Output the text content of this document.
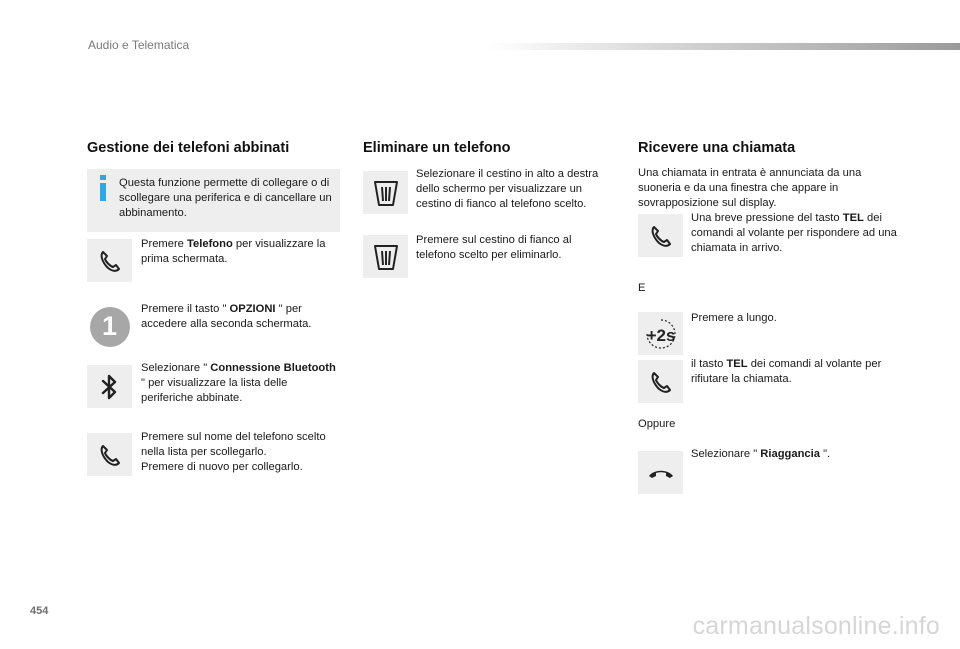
Audio e Telematica
Gestione dei telefoni abbinati
Questa funzione permette di collegare o di scollegare una periferica e di cancellare un abbinamento.
Premere Telefono per visualizzare la prima schermata.
1
Premere il tasto " OPZIONI " per accedere alla seconda schermata.
Selezionare " Connessione Bluetooth " per visualizzare la lista delle periferiche abbinate.
Premere sul nome del telefono scelto nella lista per scollegarlo.
Premere di nuovo per collegarlo.
Eliminare un telefono
Selezionare il cestino in alto a destra dello schermo per visualizzare un cestino di fianco al telefono scelto.
Premere sul cestino di fianco al telefono scelto per eliminarlo.
Ricevere una chiamata
Una chiamata in entrata è annunciata da una suoneria e da una finestra che appare in sovrapposizione sul display.
Una breve pressione del tasto TEL dei comandi al volante per rispondere ad una chiamata in arrivo.
E
+2s
Premere a lungo.
il tasto TEL dei comandi al volante per rifiutare la chiamata.
Oppure
Selezionare " Riaggancia ".
454
carmanualsonline.info
